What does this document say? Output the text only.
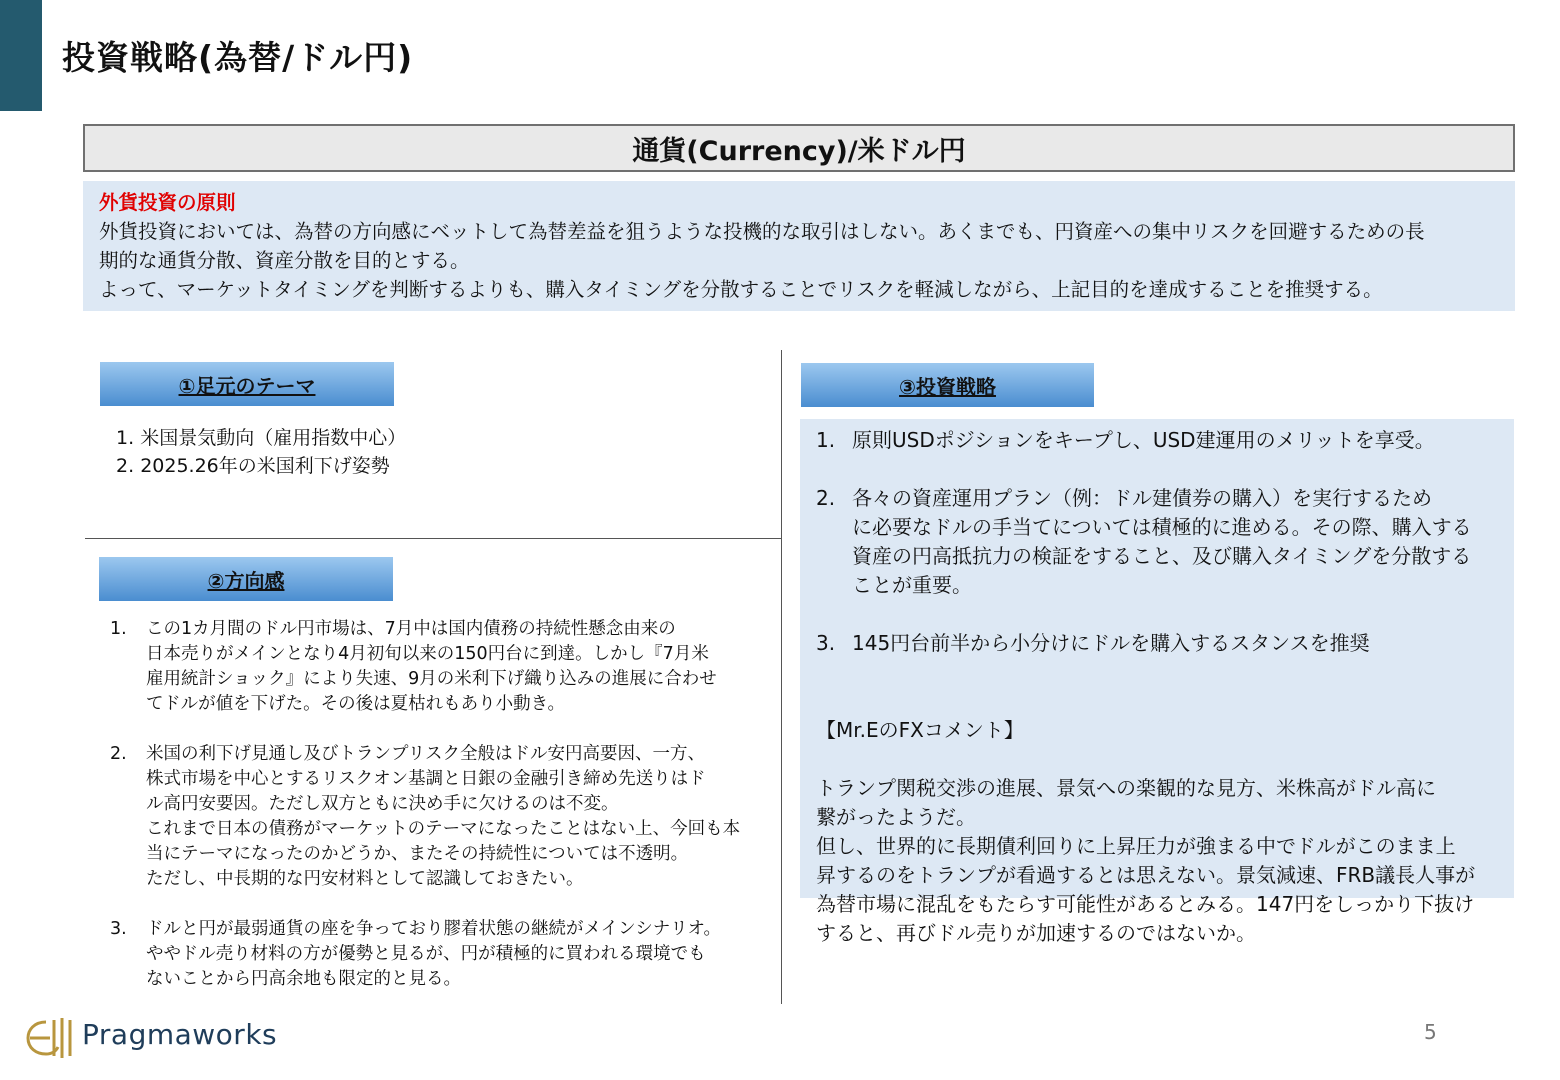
投資戦略(為替/ドル円)
通貨(Currency)/米ドル円
外貨投資の原則
外貨投資においては、為替の方向感にベットして為替差益を狙うような投機的な取引はしない。あくまでも、円資産への集中リスクを回避するための長
期的な通貨分散、資産分散を目的とする。
よって、マーケットタイミングを判断するよりも、購入タイミングを分散することでリスクを軽減しながら、上記目的を達成することを推奨する。
①足元のテーマ
1. 米国景気動向（雇用指数中心）
2. 2025.26年の米国利下げ姿勢
②方向感
1. この1カ月間のドル円市場は、7月中は国内債務の持続性懸念由来の
日本売りがメインとなり4月初旬以来の150円台に到達。しかし『7月米
雇用統計ショック』により失速、9月の米利下げ織り込みの進展に合わせ
てドルが値を下げた。その後は夏枯れもあり小動き。
2. 米国の利下げ見通し及びトランプリスク全般はドル安円高要因、一方、
株式市場を中心とするリスクオン基調と日銀の金融引き締め先送りはド
ル高円安要因。ただし双方ともに決め手に欠けるのは不変。
これまで日本の債務がマーケットのテーマになったことはない上、今回も本
当にテーマになったのかどうか、またその持続性については不透明。
ただし、中長期的な円安材料として認識しておきたい。
3. ドルと円が最弱通貨の座を争っており膠着状態の継続がメインシナリオ。
ややドル売り材料の方が優勢と見るが、円が積極的に買われる環境でも
ないことから円高余地も限定的と見る。
③投資戦略
1. 原則USDポジションをキープし、USD建運用のメリットを享受。
2. 各々の資産運用プラン（例：ドル建債券の購入）を実行するため
に必要なドルの手当てについては積極的に進める。その際、購入する
資産の円高抵抗力の検証をすること、及び購入タイミングを分散する
ことが重要。
3. 145円台前半から小分けにドルを購入するスタンスを推奨

【Mr.EのFXコメント】

トランプ関税交渉の進展、景気への楽観的な見方、米株高がドル高に
繋がったようだ。
但し、世界的に長期債利回りに上昇圧力が強まる中でドルがこのまま上
昇するのをトランプが看過するとは思えない。景気減速、FRB議長人事が
為替市場に混乱をもたらす可能性があるとみる。147円をしっかり下抜け
すると、再びドル売りが加速するのではないか。

Pragmaworks	5
